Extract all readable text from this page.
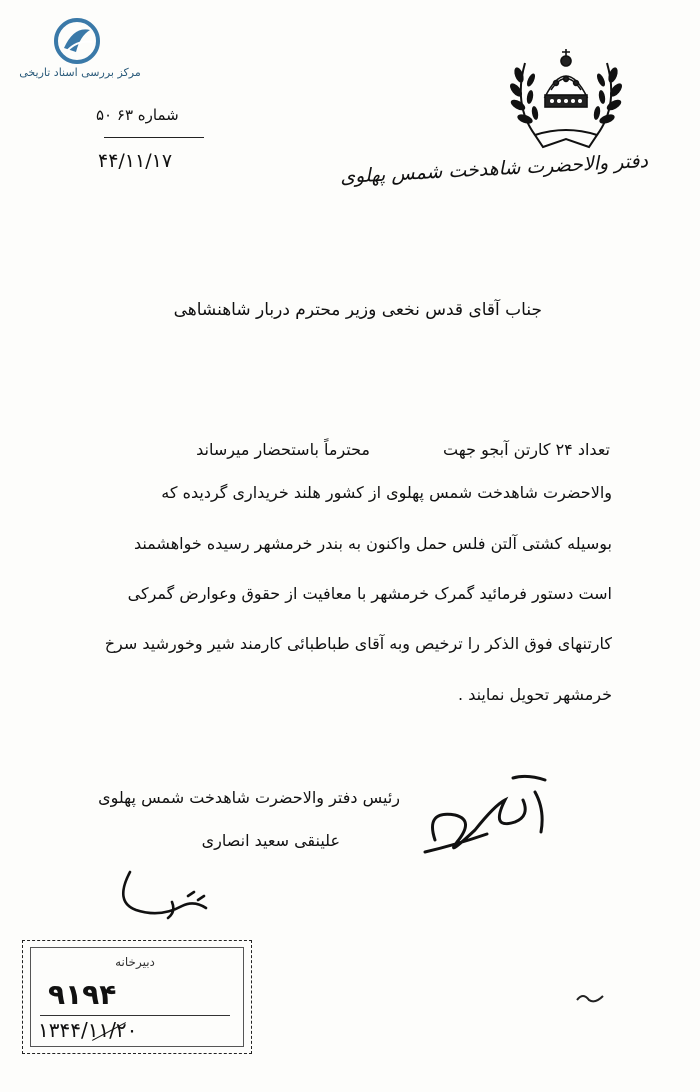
مرکز بررسی اسناد تاریخی
دفتر والاحضرت شاهدخت شمس پهلوی
شماره ۶۳ ۵۰
۴۴/۱۱/۱۷
جناب آقای قدس نخعی وزیر محترم دربار شاهنشاهی
محترماً باستحضار میرساند	تعداد ۲۴ کارتن آبجو جهت
والاحضرت شاهدخت شمس پهلوی از کشور هلند خریداری گردیده که
بوسیله کشتی آلتن فلس حمل واکنون به بندر خرمشهر رسیده خواهشمند
است دستور فرمائید گمرک خرمشهر با معافیت از حقوق وعوارض گمرکی
کارتنهای فوق الذکر را ترخیص وبه آقای طباطبائی کارمند شیر وخورشید سرخ
خرمشهر تحویل نمایند .
رئیس دفتر والاحضرت شاهدخت شمس پهلوی
علینقی سعید انصاری
دبیرخانه
۹۱۹۴
۱۳۴۴/۱۱/۲۰
